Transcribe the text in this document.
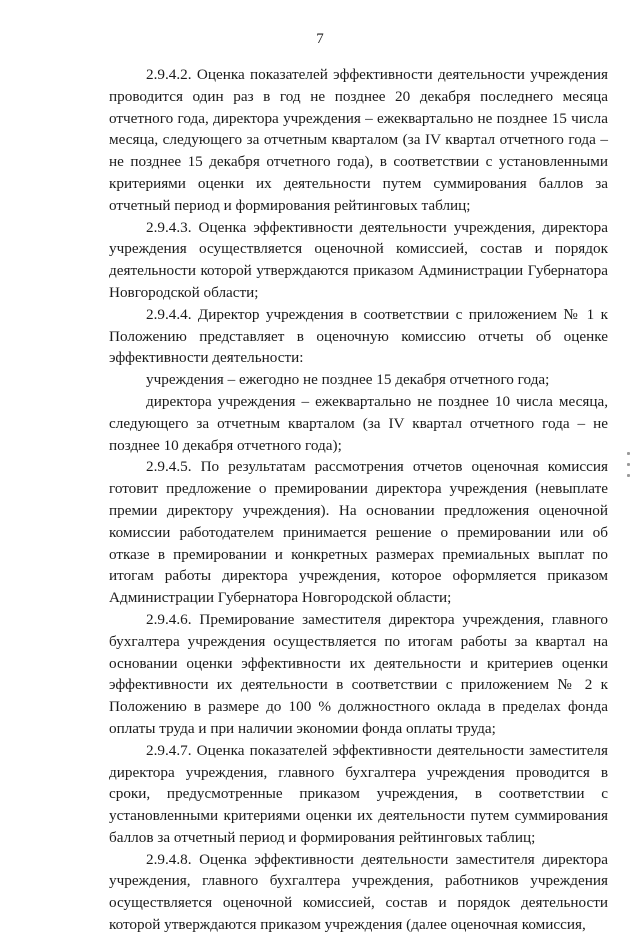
7

2.9.4.2. Оценка показателей эффективности деятельности учреждения проводится один раз в год не позднее 20 декабря последнего месяца отчетного года, директора учреждения – ежеквартально не позднее 15 числа месяца, следующего за отчетным кварталом (за IV квартал отчетного года – не позднее 15 декабря отчетного года), в соответствии с установленными критериями оценки их деятельности путем суммирования баллов за отчетный период и формирования рейтинговых таблиц;

2.9.4.3. Оценка эффективности деятельности учреждения, директора учреждения осуществляется оценочной комиссией, состав и порядок деятельности которой утверждаются приказом Администрации Губернатора Новгородской области;

2.9.4.4. Директор учреждения в соответствии с приложением № 1 к Положению представляет в оценочную комиссию отчеты об оценке эффективности деятельности:

учреждения – ежегодно не позднее 15 декабря отчетного года;

директора учреждения – ежеквартально не позднее 10 числа месяца, следующего за отчетным кварталом (за IV квартал отчетного года – не позднее 10 декабря отчетного года);

2.9.4.5. По результатам рассмотрения отчетов оценочная комиссия готовит предложение о премировании директора учреждения (невыплате премии директору учреждения). На основании предложения оценочной комиссии работодателем принимается решение о премировании или об отказе в премировании и конкретных размерах премиальных выплат по итогам работы директора учреждения, которое оформляется приказом Администрации Губернатора Новгородской области;

2.9.4.6. Премирование заместителя директора учреждения, главного бухгалтера учреждения осуществляется по итогам работы за квартал на основании оценки эффективности их деятельности и критериев оценки эффективности их деятельности в соответствии с приложением № 2 к Положению в размере до 100 % должностного оклада в пределах фонда оплаты труда и при наличии экономии фонда оплаты труда;

2.9.4.7. Оценка показателей эффективности деятельности заместителя директора учреждения, главного бухгалтера учреждения проводится в сроки, предусмотренные приказом учреждения, в соответствии с установленными критериями оценки их деятельности путем суммирования баллов за отчетный период и формирования рейтинговых таблиц;

2.9.4.8. Оценка эффективности деятельности заместителя директора учреждения, главного бухгалтера учреждения, работников учреждения осуществляется оценочной комиссией, состав и порядок деятельности которой утверждаются приказом учреждения (далее оценочная комиссия,
